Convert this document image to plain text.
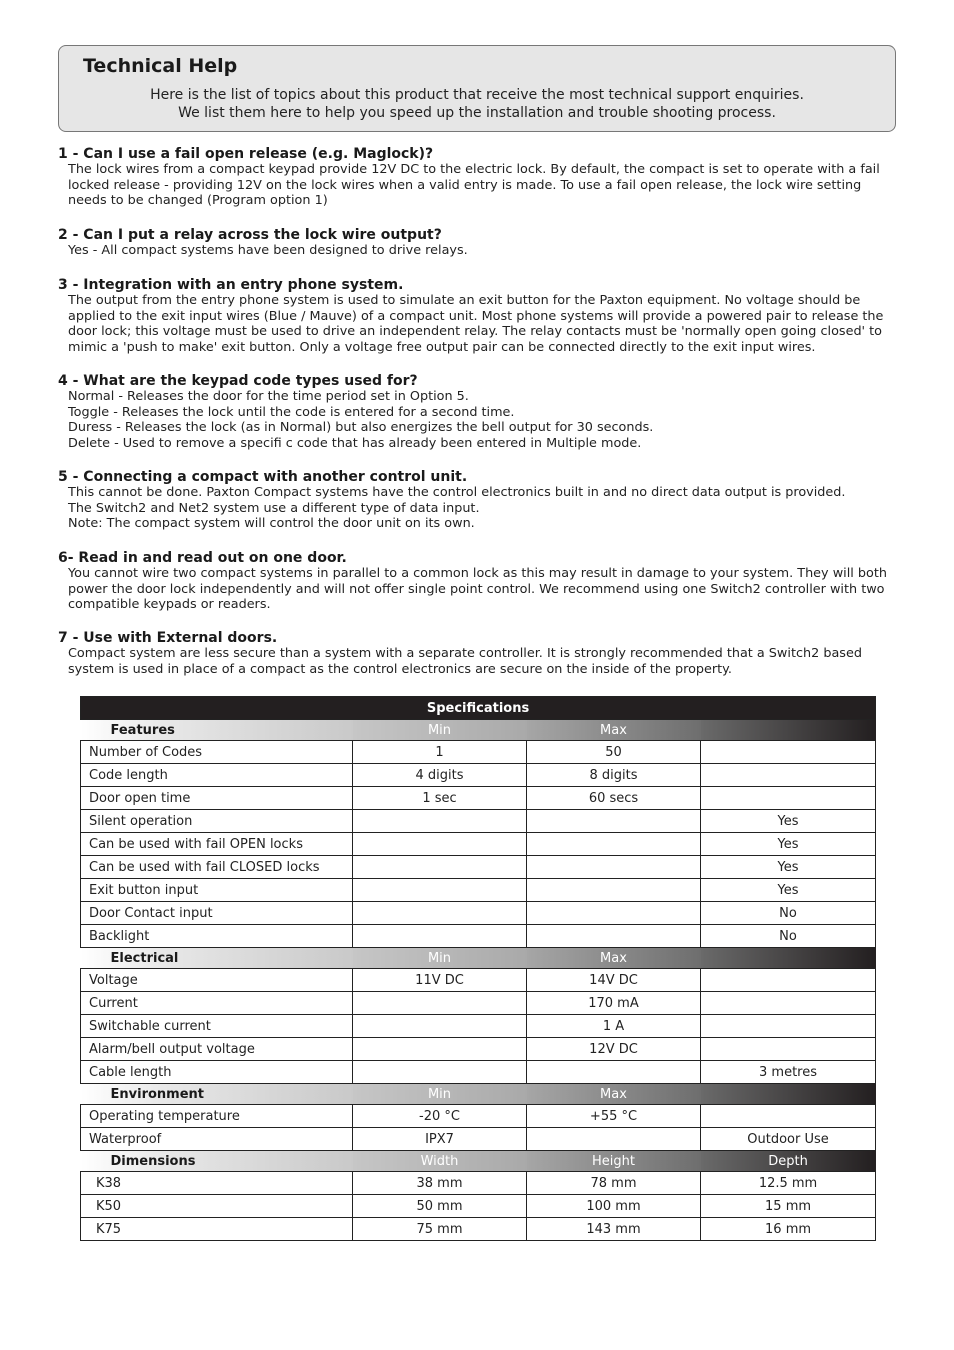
Technical Help
Here is the list of topics about this product that receive the most technical support enquiries.
We list them here to help you speed up the installation and trouble shooting process.
1 - Can I use a fail open release (e.g. Maglock)?
The lock wires from a compact keypad provide 12V DC to the electric lock. By default, the compact is set to operate with a fail
locked release - providing 12V on the lock wires when a valid entry is made. To use a fail open release, the lock wire setting
needs to be changed (Program option 1)
2 - Can I put a relay across the lock wire output?
Yes - All compact systems have been designed to drive relays.
3 - Integration with an entry phone system.
The output from the entry phone system is used to simulate an exit button for the Paxton equipment. No voltage should be
applied to the exit input wires (Blue / Mauve) of a compact unit. Most phone systems will provide a powered pair to release the
door lock; this voltage must be used to drive an independent relay. The relay contacts must be 'normally open going closed' to
mimic a 'push to make' exit button. Only a voltage free output pair can be connected directly to the exit input wires.
4 - What are the keypad code types used for?
Normal - Releases the door for the time period set in Option 5.
Toggle - Releases the lock until the code is entered for a second time.
Duress - Releases the lock (as in Normal) but also energizes the bell output for 30 seconds.
Delete - Used to remove a specifi c code that has already been entered in Multiple mode.
5 - Connecting a compact with another control unit.
This cannot be done. Paxton Compact systems have the control electronics built in and no direct data output is provided.
The Switch2 and Net2 system use a different type of data input.
Note: The compact system will control the door unit on its own.
6- Read in and read out on one door.
You cannot wire two compact systems in parallel to a common lock as this may result in damage to your system. They will both
power the door lock independently and will not offer single point control. We recommend using one Switch2 controller with two
compatible keypads or readers.
7 - Use with External doors.
Compact system are less secure than a system with a separate controller. It is strongly recommended that a Switch2 based
system is used in place of a compact as the control electronics are secure on the inside of the property.
Specifications			
Features	Min	Max	
Number of Codes	1	50	
Code length	4 digits	8 digits	
Door open time	1 sec	60 secs	
Silent operation			Yes
Can be used with fail OPEN locks			Yes
Can be used with fail CLOSED locks			Yes
Exit button input			Yes
Door Contact input			No
Backlight			No
Electrical	Min	Max	
Voltage	11V DC	14V DC	
Current		170 mA	
Switchable current		1 A	
Alarm/bell output voltage		12V DC	
Cable length			3 metres
Environment	Min	Max	
Operating temperature	-20 °C	+55 °C	
Waterproof	IPX7		Outdoor Use
Dimensions	Width	Height	Depth
K38	38 mm	78 mm	12.5 mm
K50	50 mm	100 mm	15 mm
K75	75 mm	143 mm	16 mm
